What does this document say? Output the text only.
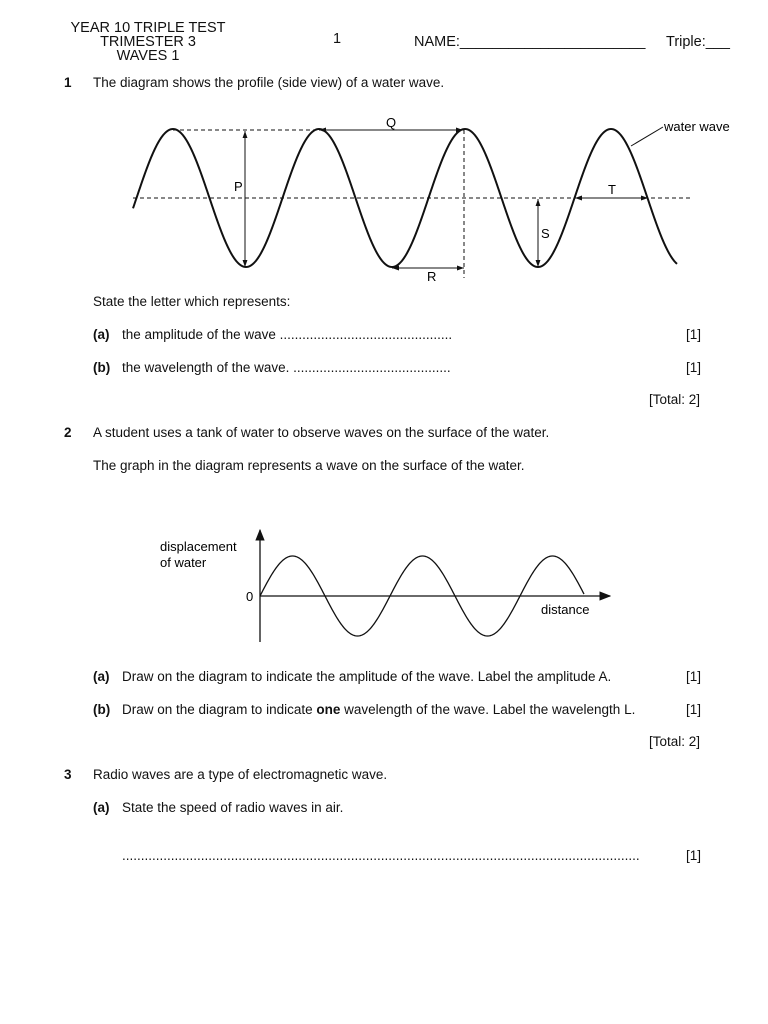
YEAR 10 TRIPLE TEST
TRIMESTER 3
WAVES 1
1	NAME:_______________________ Triple:___
1 The diagram shows the profile (side view) of a water wave.
P
Q
R
S
T
water wave
State the letter which represents:
(a) the amplitude of the wave ..............................................	[1]
(b) the wavelength of the wave. ..........................................	[1]
[Total: 2]
2 A student uses a tank of water to observe waves on the surface of the water.
The graph in the diagram represents a wave on the surface of the water.
displacement
of water
0
distance
(a) Draw on the diagram to indicate the amplitude of the wave. Label the amplitude A.	[1]
(b) Draw on the diagram to indicate one wavelength of the wave. Label the wavelength L.	[1]
[Total: 2]
3 Radio waves are a type of electromagnetic wave.
(a) State the speed of radio waves in air.
..........................................................................................................................................	[1]
